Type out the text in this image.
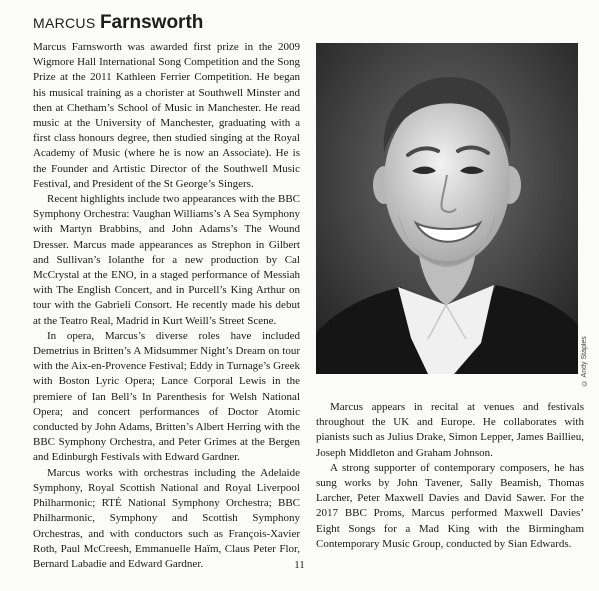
MARCUS Farnsworth

Marcus Farnsworth was awarded first prize in the 2009 Wigmore Hall International Song Competition and the Song Prize at the 2011 Kathleen Ferrier Competition. He began his musical training as a chorister at Southwell Minster and then at Chetham’s School of Music in Manchester. He read music at the University of Manchester, graduating with a first class honours degree, then studied singing at the Royal Academy of Music (where he is now an Associate). He is the Founder and Artistic Director of the Southwell Music Festival, and President of the St George’s Singers.

Recent highlights include two appearances with the BBC Symphony Orchestra: Vaughan Williams’s A Sea Symphony with Martyn Brabbins, and John Adams’s The Wound Dresser. Marcus made appearances as Strephon in Gilbert and Sullivan’s Iolanthe for a new production by Cal McCrystal at the ENO, in a staged performance of Messiah with The English Concert, and in Purcell’s King Arthur on tour with the Gabrieli Consort. He recently made his debut at the Teatro Real, Madrid in Kurt Weill’s Street Scene.

In opera, Marcus’s diverse roles have included Demetrius in Britten’s A Midsummer Night’s Dream on tour with the Aix-en-Provence Festival; Eddy in Turnage’s Greek with Boston Lyric Opera; Lance Corporal Lewis in the premiere of Ian Bell’s In Parenthesis for Welsh National Opera; and concert performances of Doctor Atomic conducted by John Adams, Britten’s Albert Herring with the BBC Symphony Orchestra, and Peter Grimes at the Bergen and Edinburgh Festivals with Edward Gardner.

Marcus works with orchestras including the Adelaide Symphony, Royal Scottish National and Royal Liverpool Philharmonic; RTÉ National Symphony Orchestra; BBC Philharmonic, Symphony and Scottish Symphony Orchestras, and with conductors such as François-Xavier Roth, Paul McCreesh, Emmanuelle Haïm, Claus Peter Flor, Bernard Labadie and Edward Gardner.

© Andy Staples

Marcus appears in recital at venues and festivals throughout the UK and Europe. He collaborates with pianists such as Julius Drake, Simon Lepper, James Baillieu, Joseph Middleton and Graham Johnson.

A strong supporter of contemporary composers, he has sung works by John Tavener, Sally Beamish, Thomas Larcher, Peter Maxwell Davies and David Sawer. For the 2017 BBC Proms, Marcus performed Maxwell Davies’ Eight Songs for a Mad King with the Birmingham Contemporary Music Group, conducted by Sian Edwards.

11
